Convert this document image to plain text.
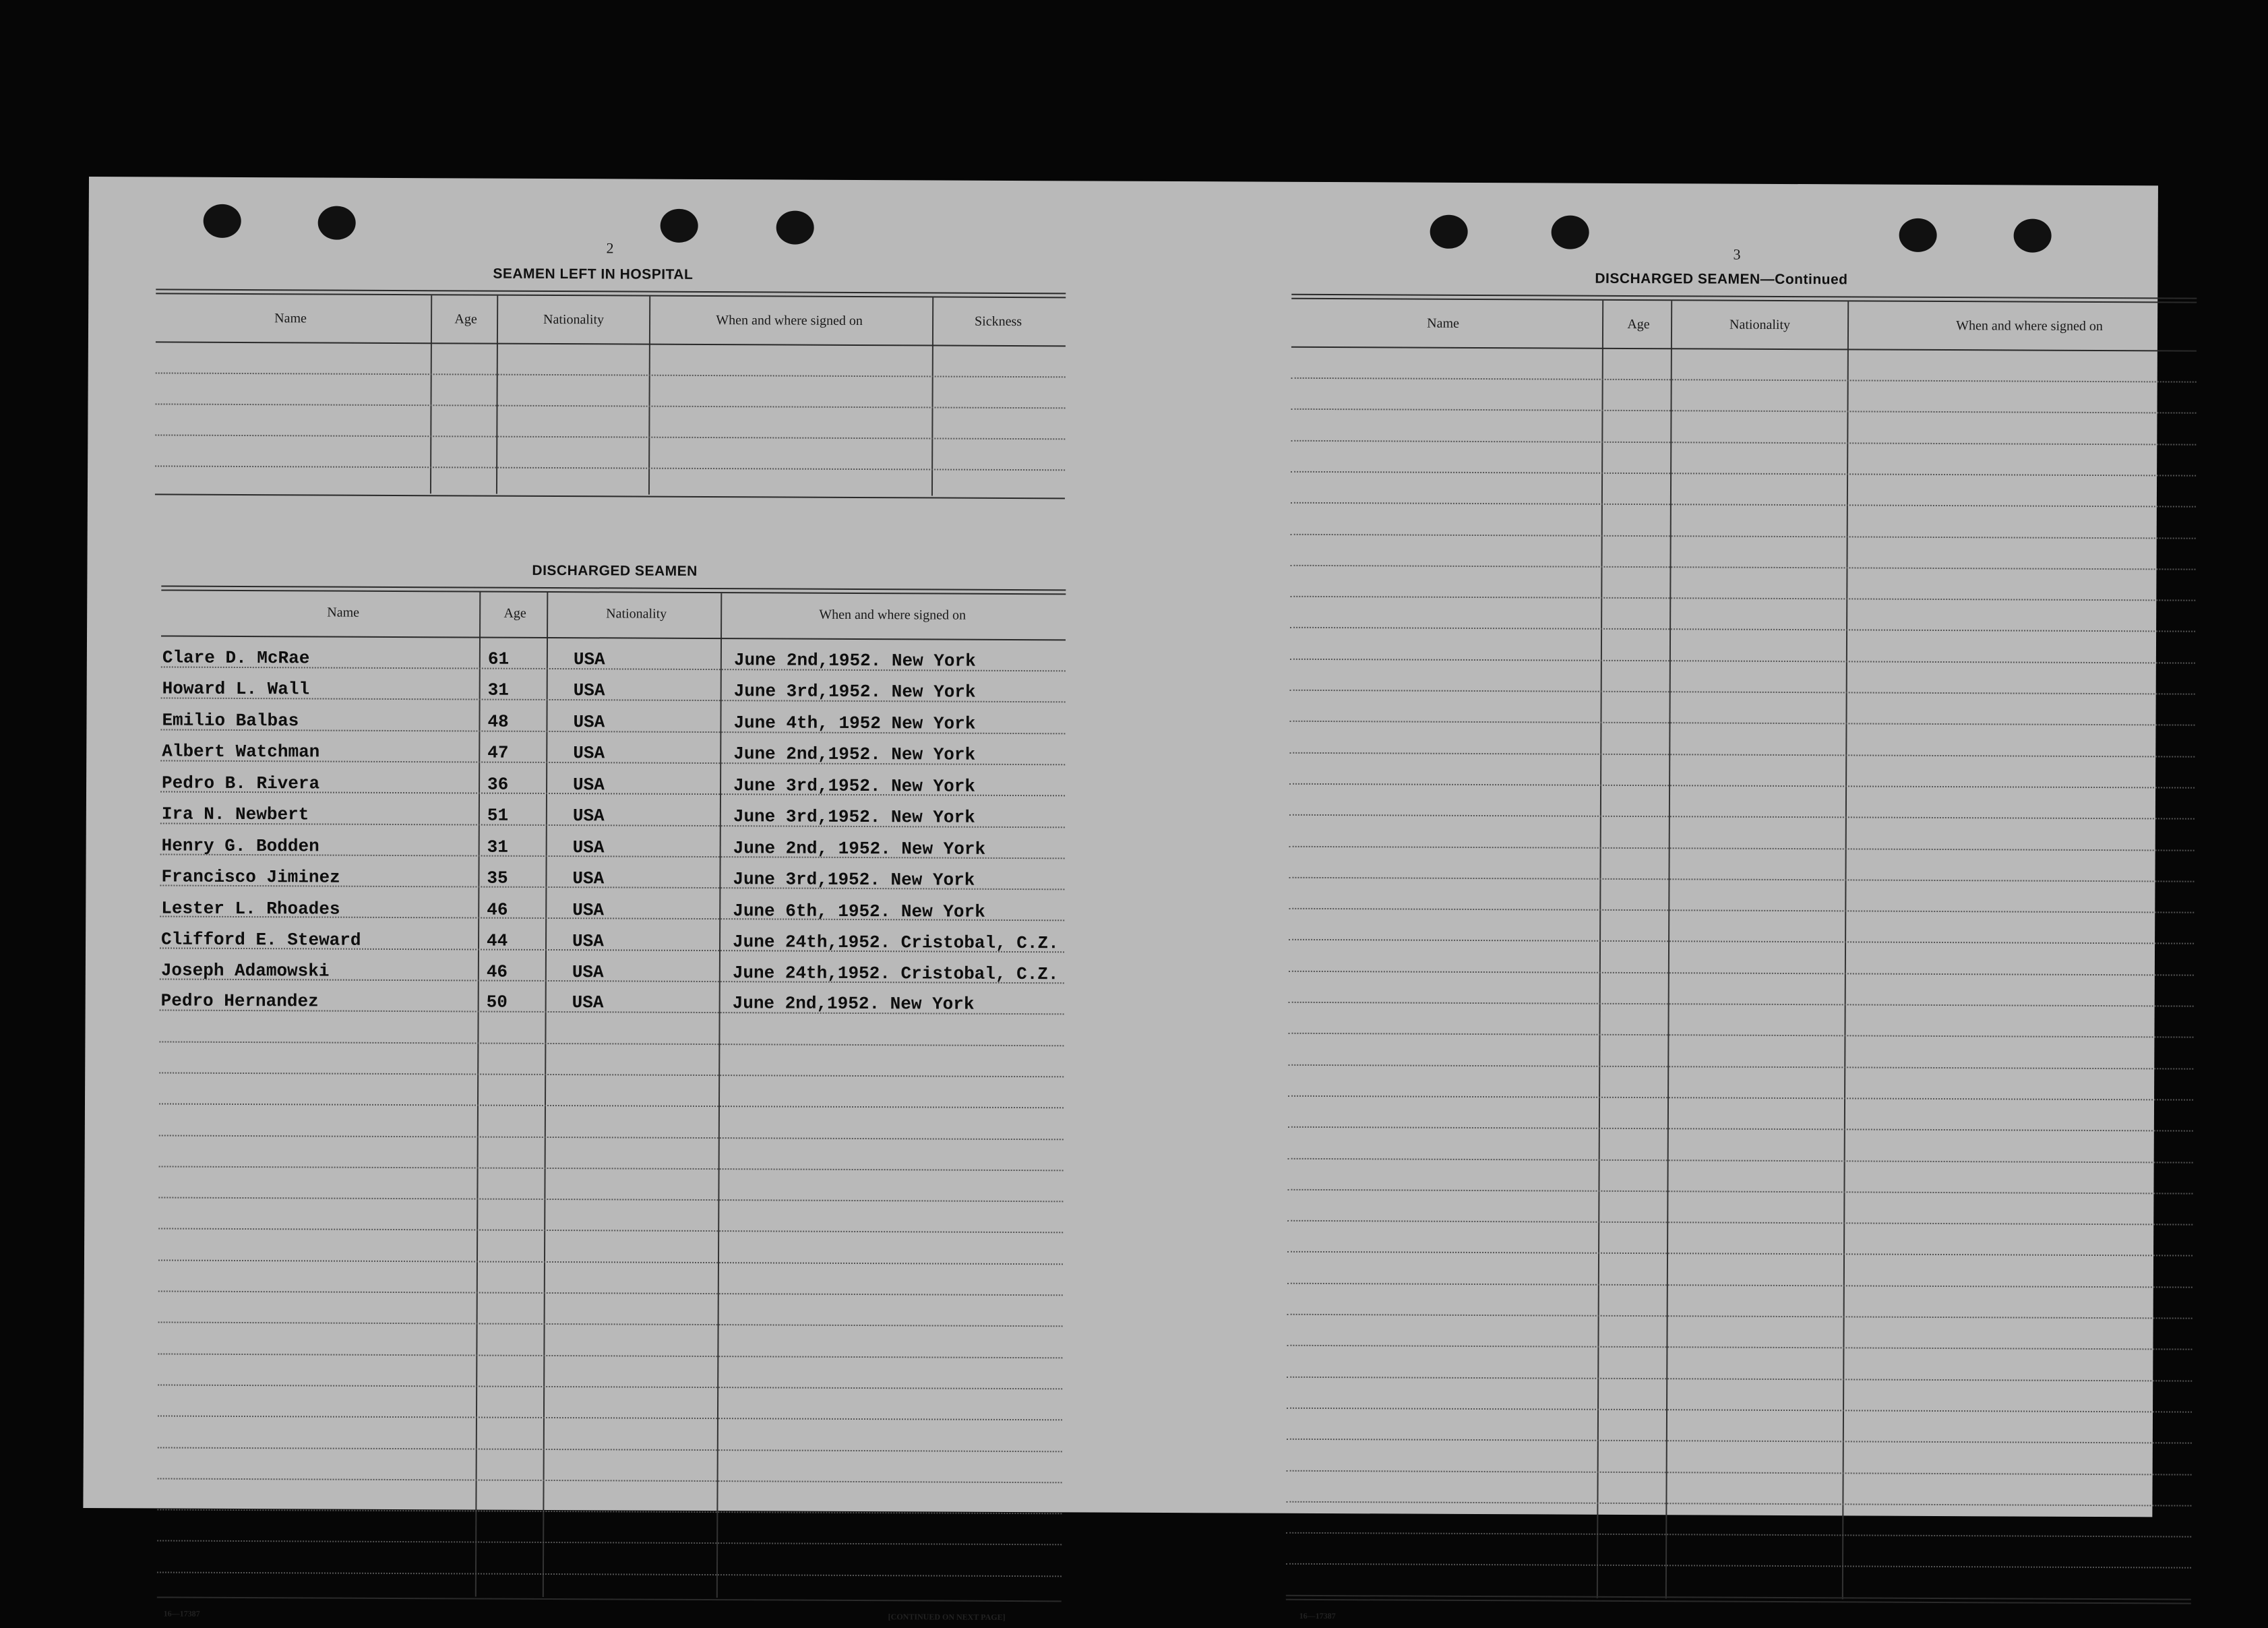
2
SEAMEN LEFT IN HOSPITAL
Name	Age	Nationality	When and where signed on	Sickness
DISCHARGED SEAMEN
Name	Age	Nationality	When and where signed on
Clare D. McRae	61	USA	June 2nd,1952. New York
Howard L. Wall	31	USA	June 3rd,1952. New York
Emilio Balbas	48	USA	June 4th, 1952 New York
Albert Watchman	47	USA	June 2nd,1952. New York
Pedro B. Rivera	36	USA	June 3rd,1952. New York
Ira N. Newbert	51	USA	June 3rd,1952. New York
Henry G. Bodden	31	USA	June 2nd, 1952. New York
Francisco Jiminez	35	USA	June 3rd,1952. New York
Lester L. Rhoades	46	USA	June 6th, 1952. New York
Clifford E. Steward	44	USA	June 24th,1952. Cristobal, C.Z.
Joseph Adamowski	46	USA	June 24th,1952. Cristobal, C.Z.
Pedro Hernandez	50	USA	June 2nd,1952. New York
16—17387	[CONTINUED ON NEXT PAGE]
3
DISCHARGED SEAMEN—Continued
Name	Age	Nationality	When and where signed on
16—17387
